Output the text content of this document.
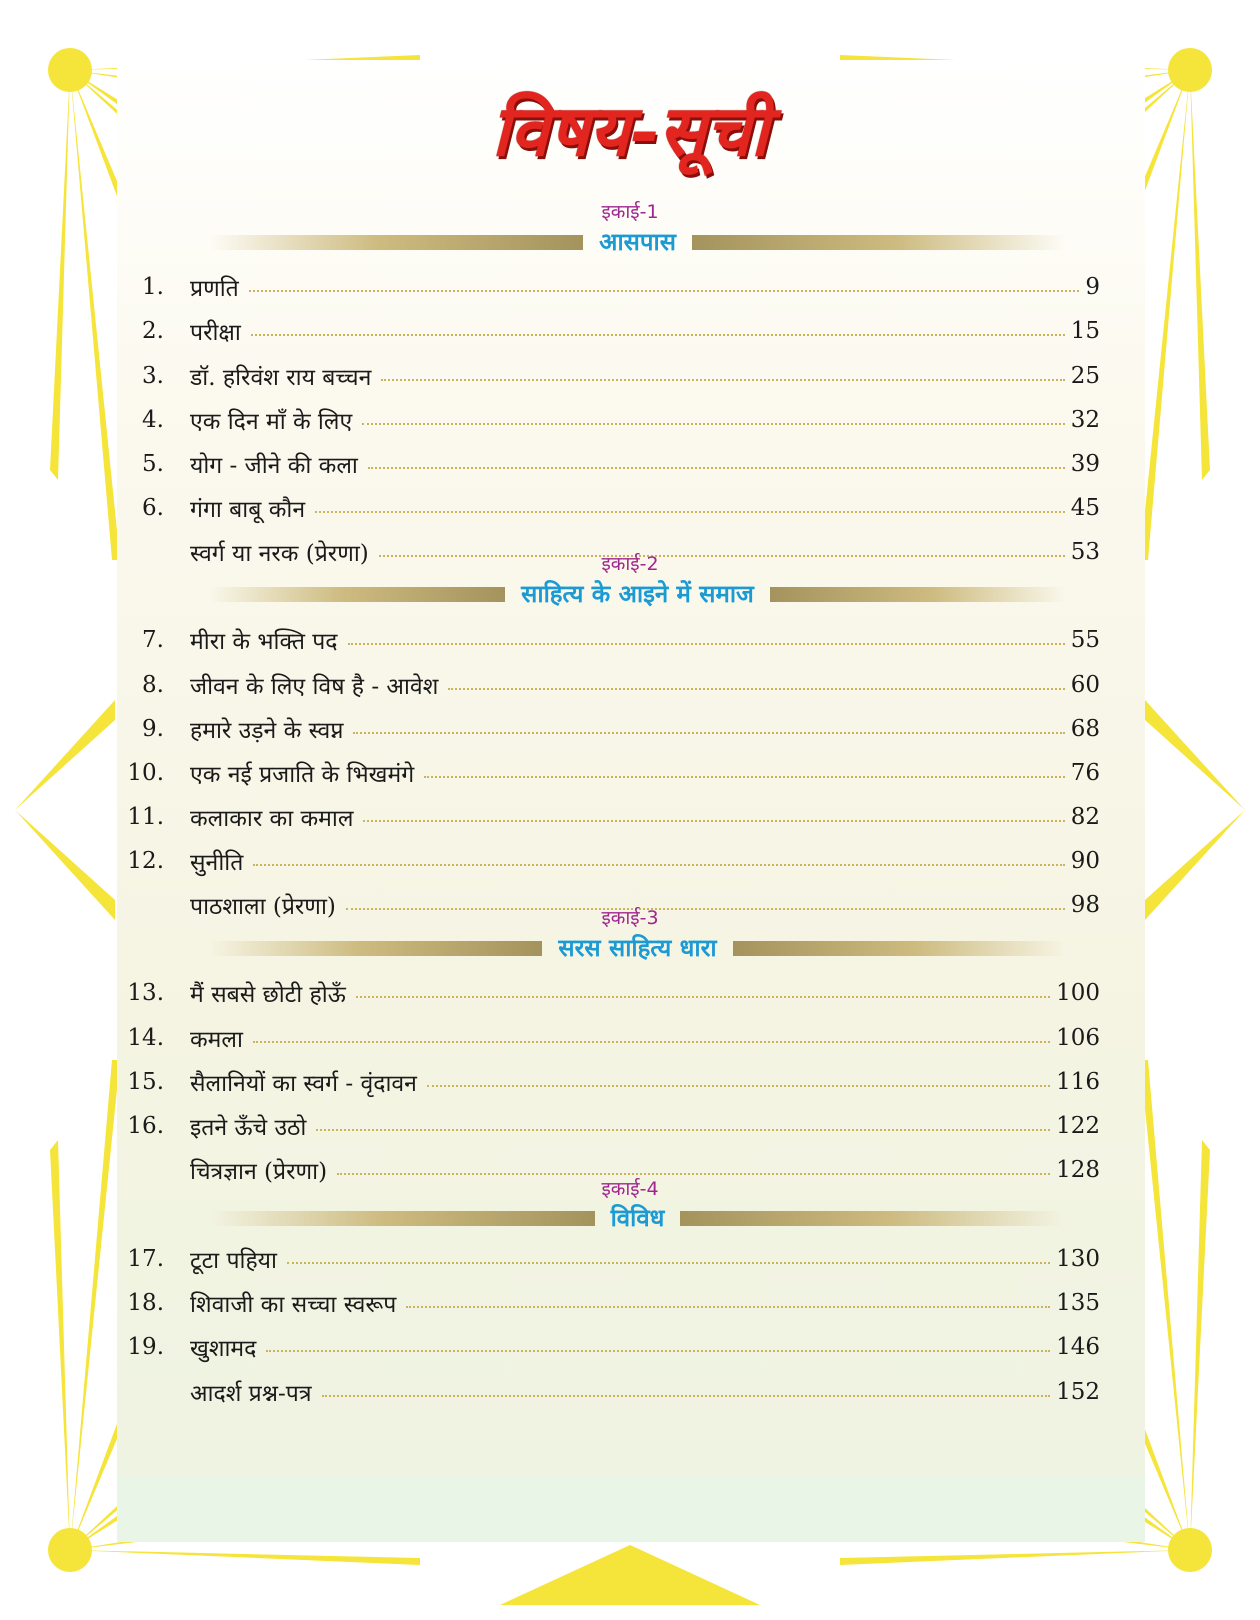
विषय-सूची
इकाई-1
आसपास
1. प्रणति	9
2. परीक्षा	15
3. डॉ. हरिवंश राय बच्चन	25
4. एक दिन माँ के लिए	32
5. योग - जीने की कला	39
6. गंगा बाबू कौन	45
स्वर्ग या नरक (प्रेरणा)	53
इकाई-2
साहित्य के आइने में समाज
7. मीरा के भक्ति पद	55
8. जीवन के लिए विष है - आवेश	60
9. हमारे उड़ने के स्वप्न	68
10. एक नई प्रजाति के भिखमंगे	76
11. कलाकार का कमाल	82
12. सुनीति	90
पाठशाला (प्रेरणा)	98
इकाई-3
सरस साहित्य धारा
13. मैं सबसे छोटी होऊँ	100
14. कमला	106
15. सैलानियों का स्वर्ग - वृंदावन	116
16. इतने ऊँचे उठो	122
चित्रज्ञान (प्रेरणा)	128
इकाई-4
विविध
17. टूटा पहिया	130
18. शिवाजी का सच्चा स्वरूप	135
19. खुशामद	146
आदर्श प्रश्न-पत्र	152
